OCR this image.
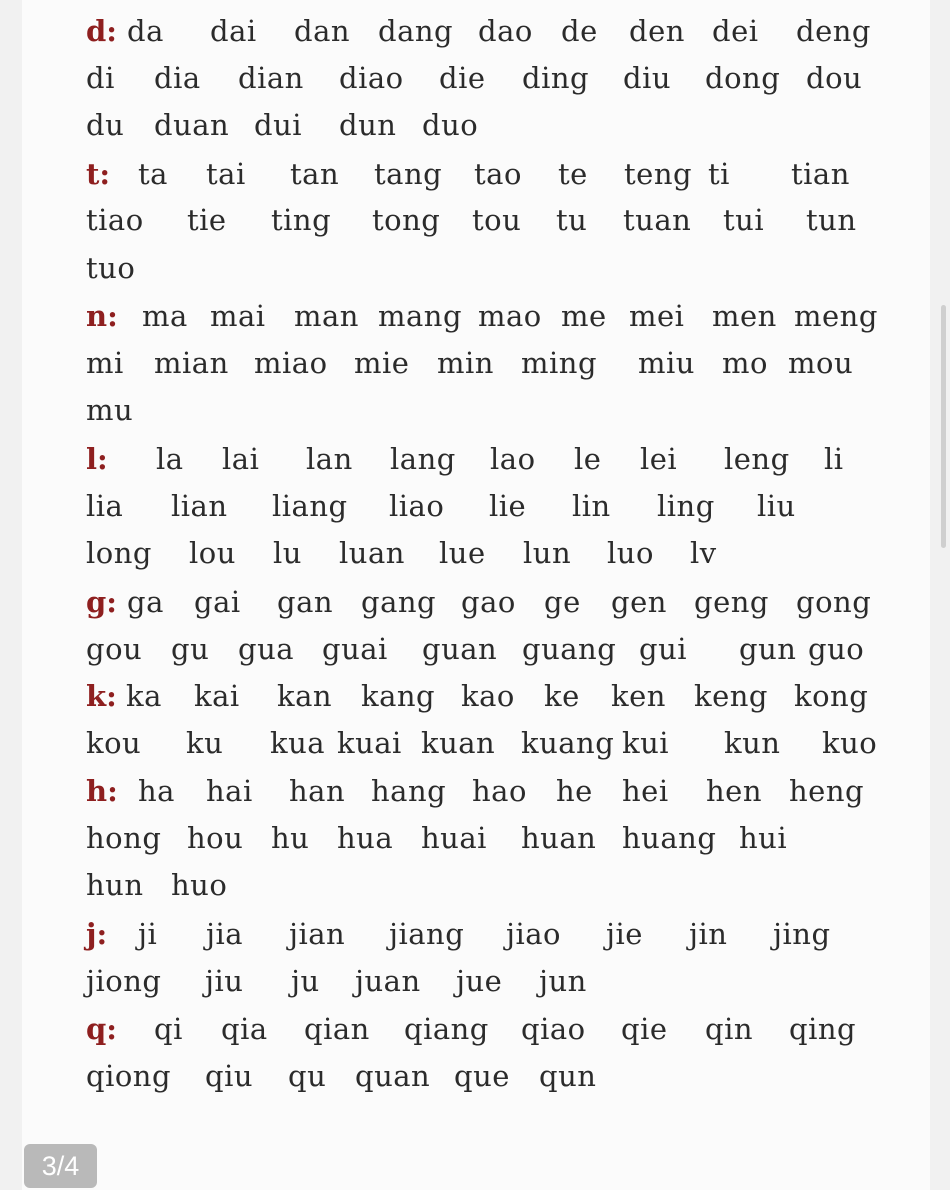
d: da dai dan dang dao de den dei deng
di dia dian diao die ding diu dong dou
du duan dui dun duo
t: ta tai tan tang tao te teng ti tian
tiao tie ting tong tou tu tuan tui tun
tuo
n: ma mai man mang mao me mei men meng
mi mian miao mie min ming miu mo mou
mu
l: la lai lan lang lao le lei leng li
lia lian liang liao lie lin ling liu
long lou lu luan lue lun luo lv
g: ga gai gan gang gao ge gen geng gong
gou gu gua guai guan guang gui gun guo
k: ka kai kan kang kao ke ken keng kong
kou ku kua kuai kuan kuang kui kun kuo
h: ha hai han hang hao he hei hen heng
hong hou hu hua huai huan huang hui
hun huo
j: ji jia jian jiang jiao jie jin jing
jiong jiu ju juan jue jun
q: qi qia qian qiang qiao qie qin qing
qiong qiu qu quan que qun
3/4
